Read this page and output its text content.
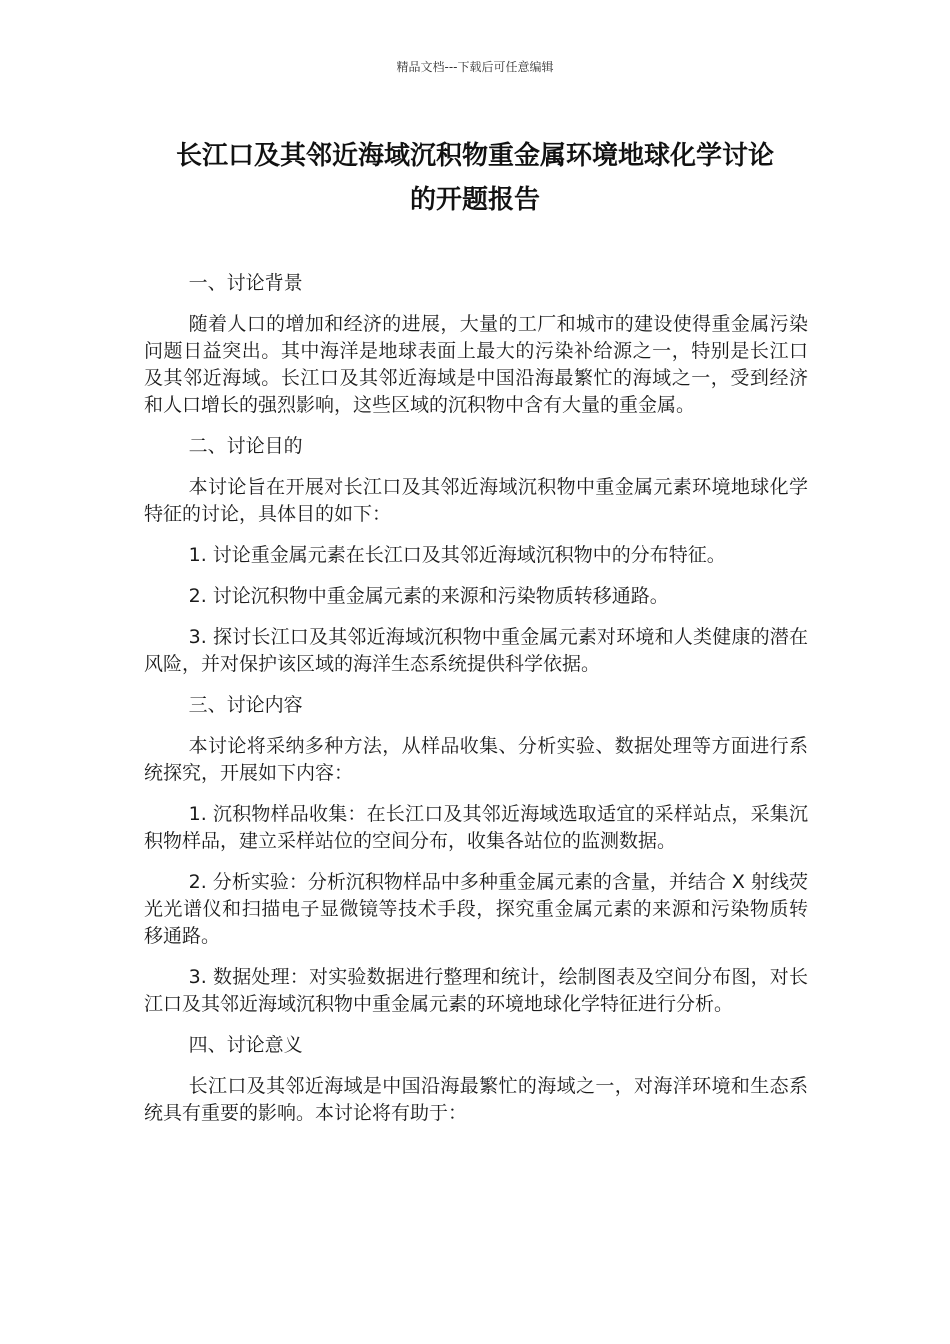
精品文档---下载后可任意编辑
长江口及其邻近海域沉积物重金属环境地球化学讨论
的开题报告
一、讨论背景
随着人口的增加和经济的进展，大量的工厂和城市的建设使得重金属污染问题日益突出。其中海洋是地球表面上最大的污染补给源之一，特别是长江口及其邻近海域。长江口及其邻近海域是中国沿海最繁忙的海域之一，受到经济和人口增长的强烈影响，这些区域的沉积物中含有大量的重金属。
二、讨论目的
本讨论旨在开展对长江口及其邻近海域沉积物中重金属元素环境地球化学特征的讨论，具体目的如下：
1. 讨论重金属元素在长江口及其邻近海域沉积物中的分布特征。
2. 讨论沉积物中重金属元素的来源和污染物质转移通路。
3. 探讨长江口及其邻近海域沉积物中重金属元素对环境和人类健康的潜在风险，并对保护该区域的海洋生态系统提供科学依据。
三、讨论内容
本讨论将采纳多种方法，从样品收集、分析实验、数据处理等方面进行系统探究，开展如下内容：
1. 沉积物样品收集：在长江口及其邻近海域选取适宜的采样站点，采集沉积物样品，建立采样站位的空间分布，收集各站位的监测数据。
2. 分析实验：分析沉积物样品中多种重金属元素的含量，并结合 X 射线荧光光谱仪和扫描电子显微镜等技术手段，探究重金属元素的来源和污染物质转移通路。
3. 数据处理：对实验数据进行整理和统计，绘制图表及空间分布图，对长江口及其邻近海域沉积物中重金属元素的环境地球化学特征进行分析。
四、讨论意义
长江口及其邻近海域是中国沿海最繁忙的海域之一，对海洋环境和生态系统具有重要的影响。本讨论将有助于：
